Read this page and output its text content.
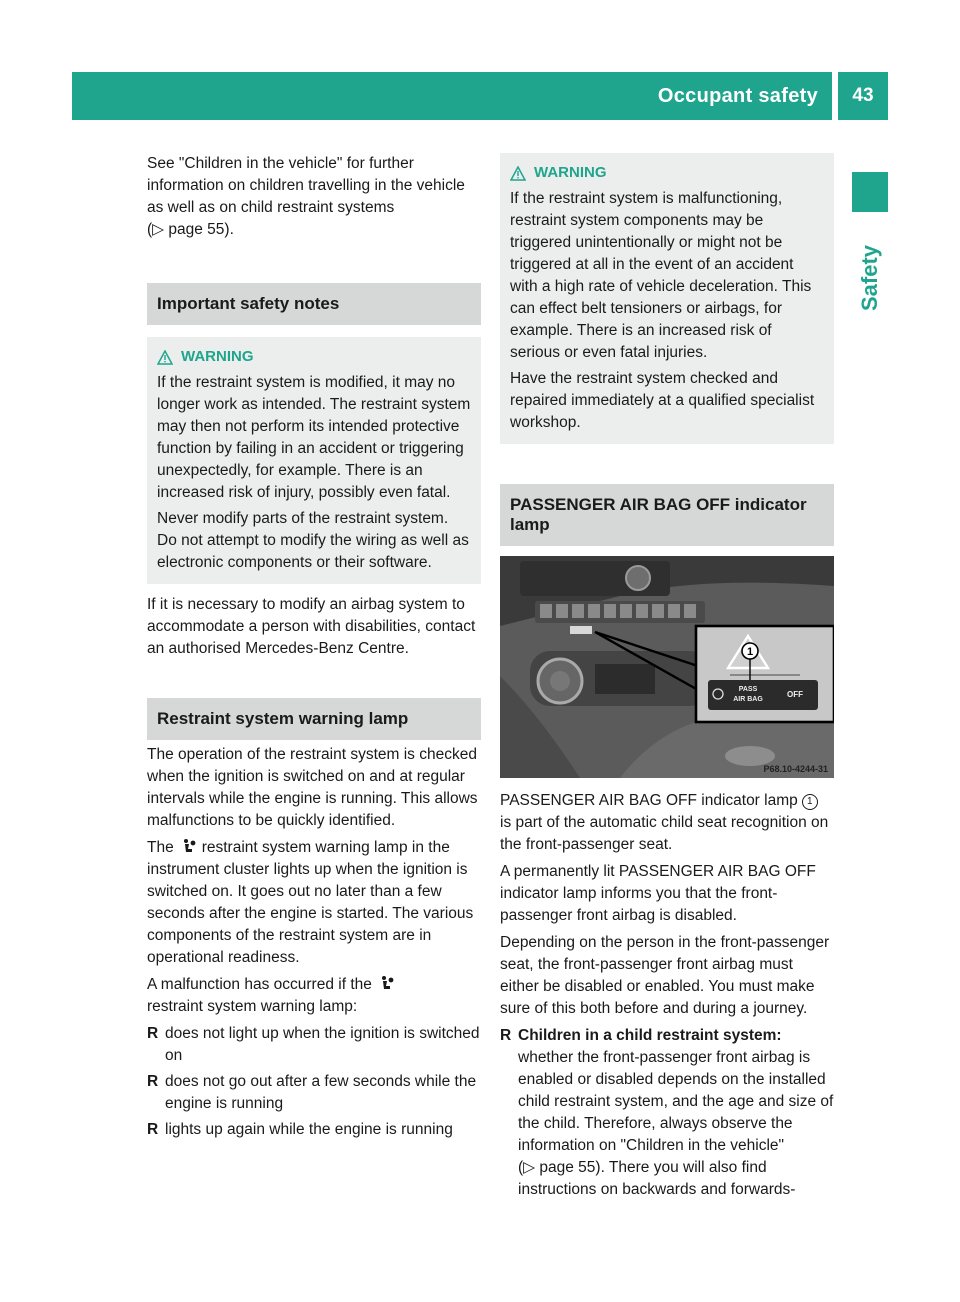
Occupant safety	43
Safety

See "Children in the vehicle" for further information on children travelling in the vehicle as well as on child restraint systems
(▷ page 55).

Important safety notes
WARNING

If the restraint system is modified, it may no longer work as intended. The restraint system may then not perform its intended protective function by failing in an accident or triggering unexpectedly, for example. There is an increased risk of injury, possibly even fatal.

Never modify parts of the restraint system. Do not attempt to modify the wiring as well as electronic components or their software.

If it is necessary to modify an airbag system to accommodate a person with disabilities, contact an authorised Mercedes-Benz Centre.

Restraint system warning lamp

The operation of the restraint system is checked when the ignition is switched on and at regular intervals while the engine is running. This allows malfunctions to be quickly identified.

The restraint system warning lamp in the instrument cluster lights up when the ignition is switched on. It goes out no later than a few seconds after the engine is started. The various components of the restraint system are in operational readiness.

A malfunction has occurred if the
restraint system warning lamp:

R does not light up when the ignition is switched on
R does not go out after a few seconds while the engine is running
R lights up again while the engine is running
WARNING

If the restraint system is malfunctioning, restraint system components may be triggered unintentionally or might not be triggered at all in the event of an accident with a high rate of vehicle deceleration. This can effect belt tensioners or airbags, for example. There is an increased risk of serious or even fatal injuries.

Have the restraint system checked and repaired immediately at a qualified specialist workshop.

PASSENGER AIR BAG OFF indicator lamp
1
PASS
AIR BAG
OFF
P68.10-4244-31

PASSENGER AIR BAG OFF indicator lamp 1
is part of the automatic child seat recognition on the front-passenger seat.

A permanently lit PASSENGER AIR BAG OFF indicator lamp informs you that the front-passenger front airbag is disabled.

Depending on the person in the front-passenger seat, the front-passenger front airbag must either be disabled or enabled. You must make sure of this both before and during a journey.

R Children in a child restraint system:
whether the front-passenger front airbag is enabled or disabled depends on the installed child restraint system, and the age and size of the child. Therefore, always observe the information on "Children in the vehicle"
(▷ page 55). There you will also find instructions on backwards and forwards-
